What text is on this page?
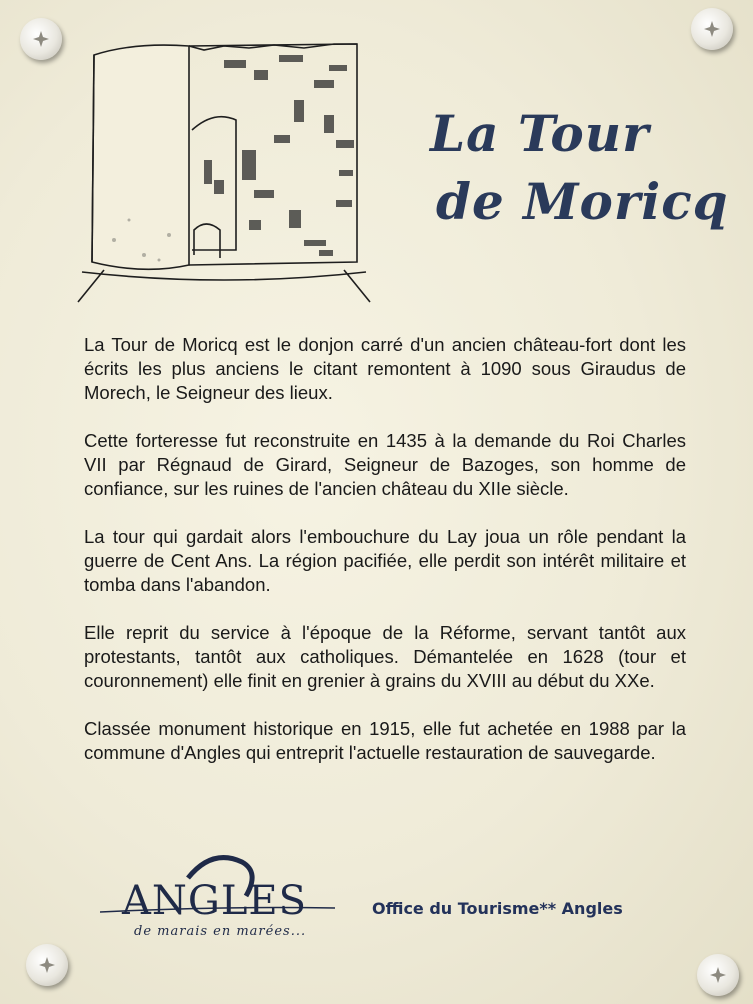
La Tour
de Moricq

La Tour de Moricq est le donjon carré d'un ancien château-fort dont les écrits les plus anciens le citant remontent à 1090 sous Giraudus de Morech, le Seigneur des lieux.

Cette forteresse fut reconstruite en 1435 à la demande du Roi Charles VII par Régnaud de Girard, Seigneur de Bazoges, son homme de confiance, sur les ruines de l'ancien château du XIIe siècle.

La tour qui gardait alors l'embouchure du Lay joua un rôle pendant la guerre de Cent Ans. La région pacifiée, elle perdit son intérêt militaire et tomba dans l'abandon.

Elle reprit du service à l'époque de la Réforme, servant tantôt aux protestants, tantôt aux catholiques. Démantelée en 1628 (tour et couronnement) elle finit en grenier à grains du XVIII au début du XXe.

Classée monument historique en 1915, elle fut achetée en 1988 par la commune d'Angles qui entreprit l'actuelle restauration de sauvegarde.

ANGLES
de marais en marées...
Office du Tourisme** Angles
